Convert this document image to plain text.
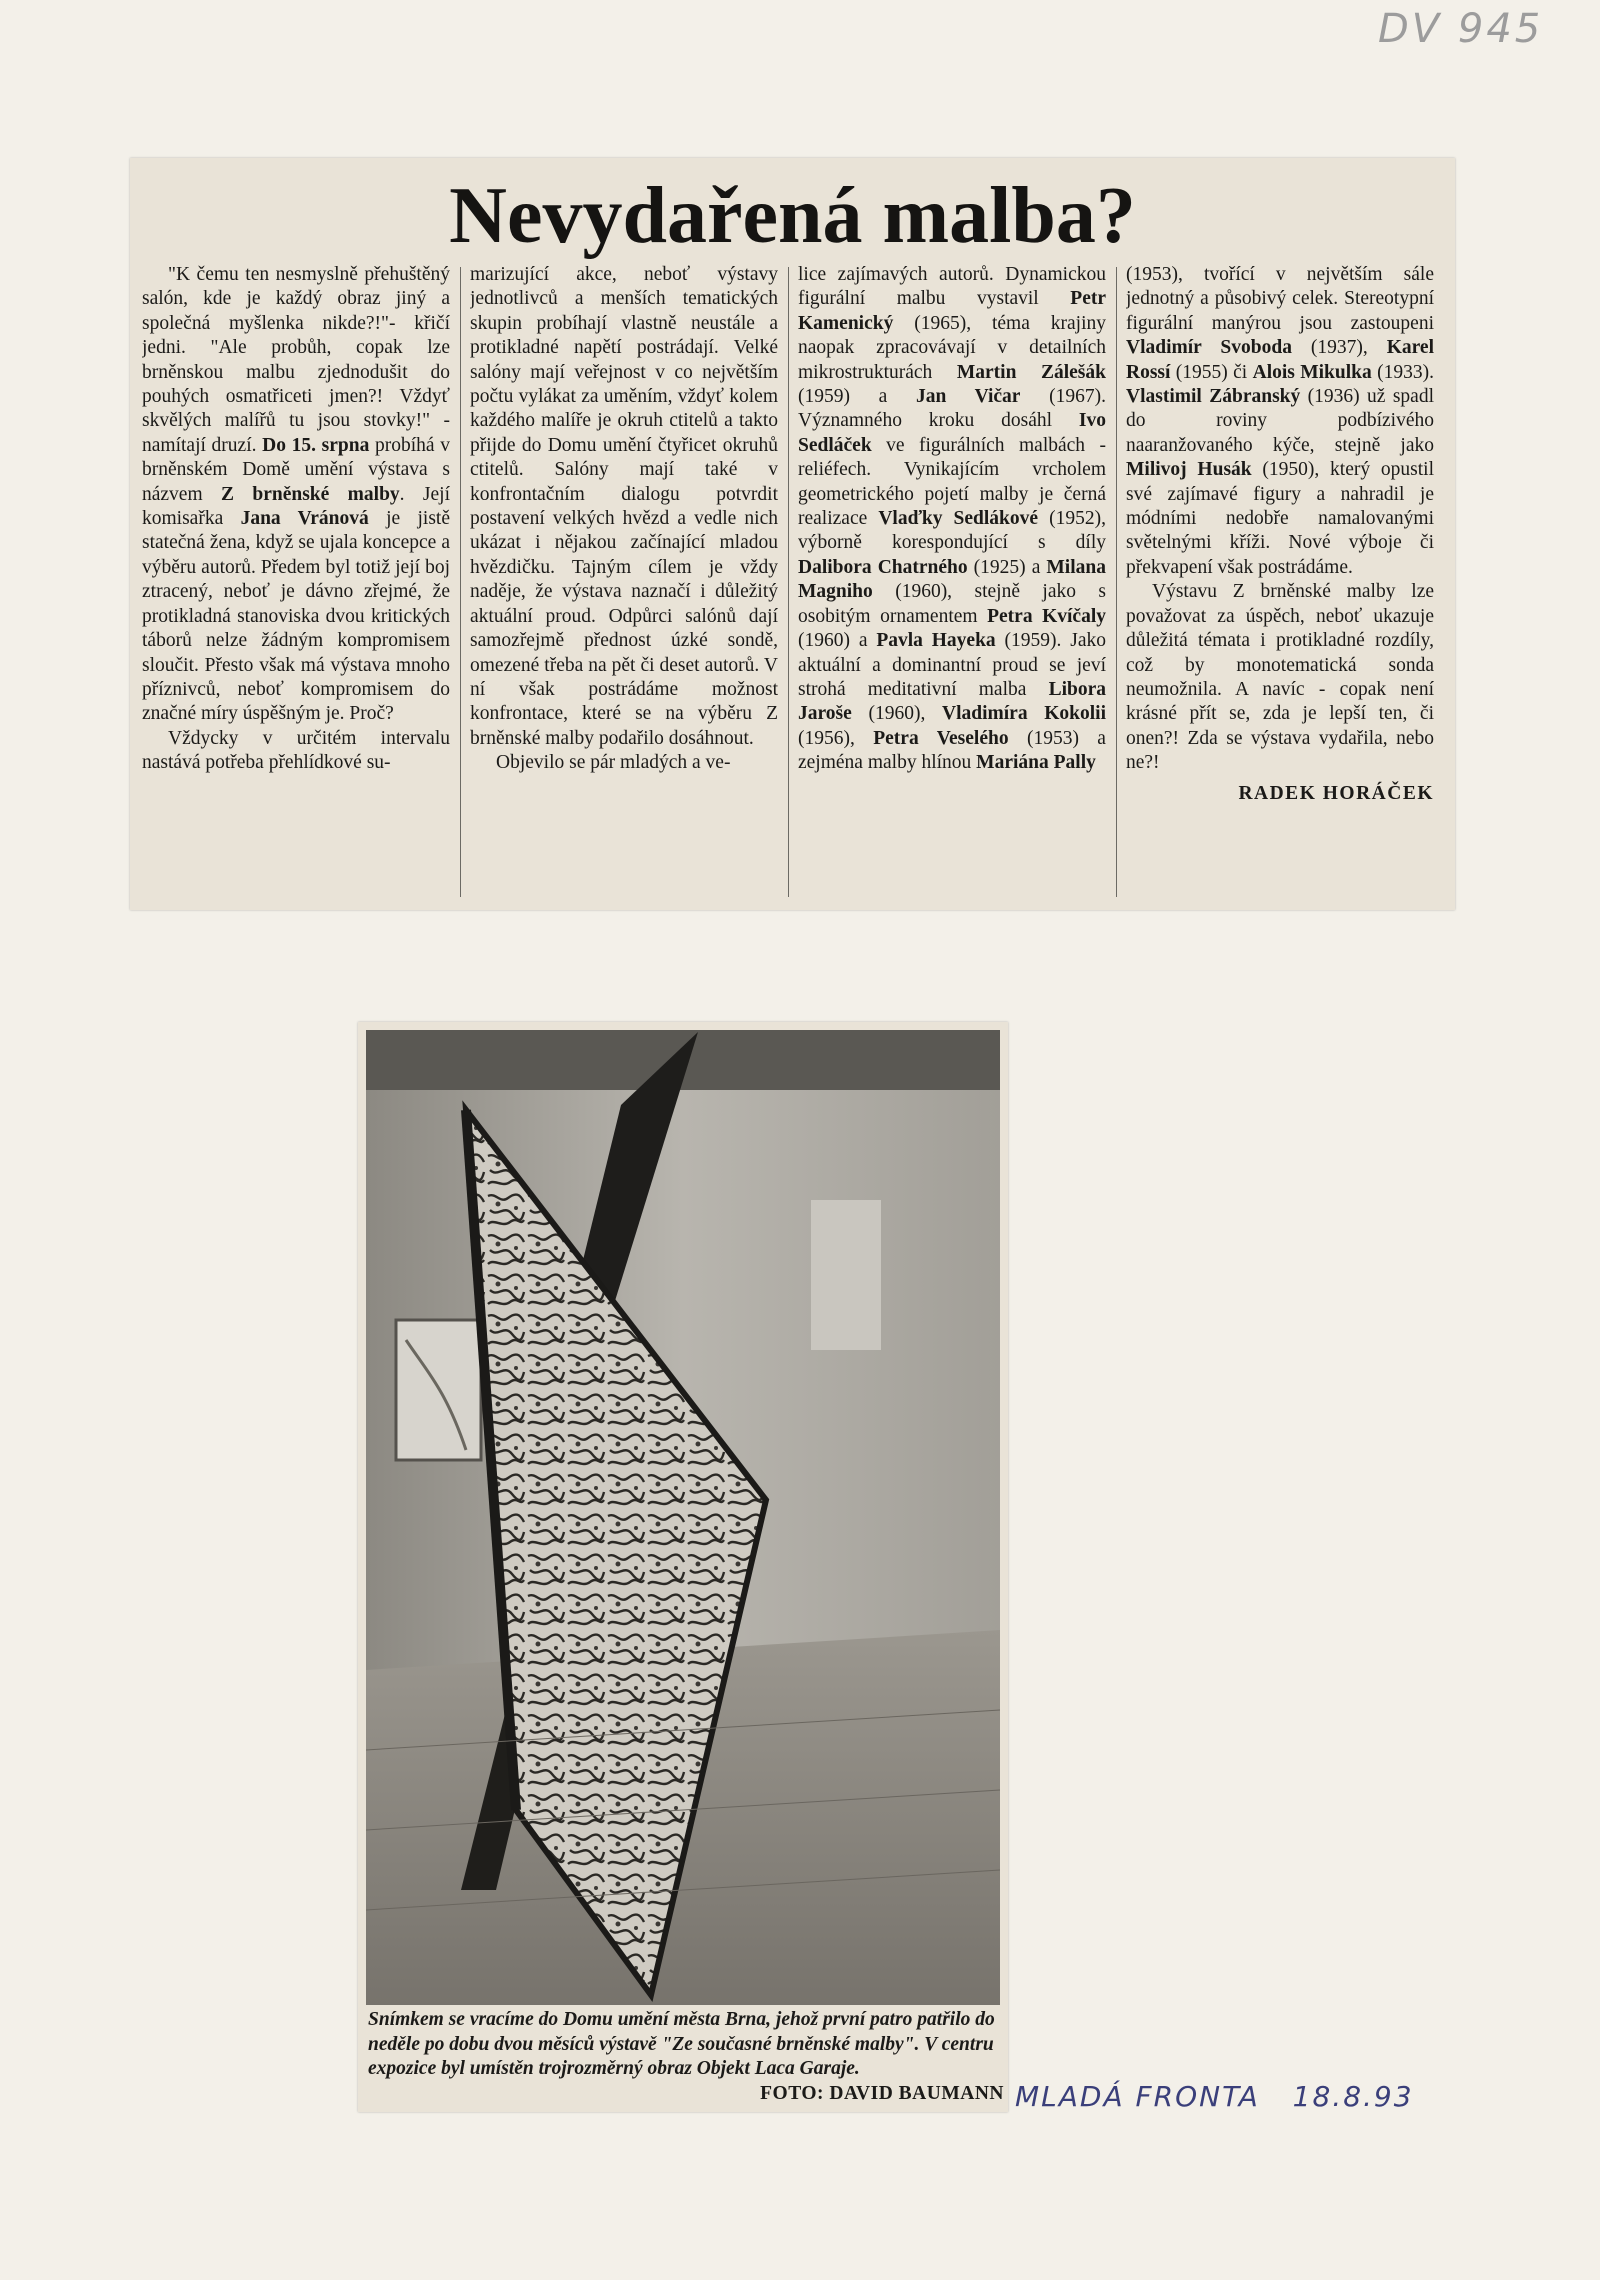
DV 945
Nevydařená malba?

"K čemu ten nesmyslně přehuštěný salón, kde je každý obraz jiný a společná myšlenka nikde?!"- křičí jedni. "Ale probůh, copak lze brněnskou malbu zjednodušit do pouhých osmatřiceti jmen?! Vždyť skvělých malířů tu jsou stovky!" - namítají druzí. Do 15. srpna probíhá v brněnském Domě umění výstava s názvem Z brněnské malby. Její komisařka Jana Vránová je jistě statečná žena, když se ujala koncepce a výběru autorů. Předem byl totiž její boj ztracený, neboť je dávno zřejmé, že protikladná stanoviska dvou kritických táborů nelze žádným kompromisem sloučit. Přesto však má výstava mnoho příznivců, neboť kompromisem do značné míry úspěšným je. Proč?

Vždycky v určitém intervalu nastává potřeba přehlídkové su-

marizující akce, neboť výstavy jednotlivců a menších tematických skupin probíhají vlastně neustále a protikladné napětí postrádají. Velké salóny mají veřejnost v co největším počtu vylákat za uměním, vždyť kolem každého malíře je okruh ctitelů a takto přijde do Domu umění čtyřicet okruhů ctitelů. Salóny mají také v konfrontačním dialogu potvrdit postavení velkých hvězd a vedle nich ukázat i nějakou začínající mladou hvězdičku. Tajným cílem je vždy naděje, že výstava naznačí i důležitý aktuální proud. Odpůrci salónů dají samozřejmě přednost úzké sondě, omezené třeba na pět či deset autorů. V ní však postrádáme možnost konfrontace, které se na výběru Z brněnské malby podařilo dosáhnout.

Objevilo se pár mladých a ve-

lice zajímavých autorů. Dynamickou figurální malbu vystavil Petr Kamenický (1965), téma krajiny naopak zpracovávají v detailních mikrostrukturách Martin Zálešák (1959) a Jan Vičar (1967). Významného kroku dosáhl Ivo Sedláček ve figurálních malbách - reliéfech. Vynikajícím vrcholem geometrického pojetí malby je černá realizace Vlaďky Sedlákové (1952), výborně korespondující s díly Dalibora Chatrného (1925) a Milana Magniho (1960), stejně jako s osobitým ornamentem Petra Kvíčaly (1960) a Pavla Hayeka (1959). Jako aktuální a dominantní proud se jeví strohá meditativní malba Libora Jaroše (1960), Vladimíra Kokolii (1956), Petra Veselého (1953) a zejména malby hlínou Mariána Pally

(1953), tvořící v největším sále jednotný a působivý celek. Stereotypní figurální manýrou jsou zastoupeni Vladimír Svoboda (1937), Karel Rossí (1955) či Alois Mikulka (1933). Vlastimil Zábranský (1936) už spadl do roviny podbízivého naaranžovaného kýče, stejně jako Milivoj Husák (1950), který opustil své zajímavé figury a nahradil je módními nedobře namalovanými světelnými kříži. Nové výboje či překvapení však postrádáme.

Výstavu Z brněnské malby lze považovat za úspěch, neboť ukazuje důležitá témata i protikladné rozdíly, což by monotematická sonda neumožnila. A navíc - copak není krásné přít se, zda je lepší ten, či onen?! Zda se výstava vydařila, nebo ne?!

RADEK HORÁČEK
Snímkem se vracíme do Domu umění města Brna, jehož první patro patřilo do neděle po dobu dvou měsíců výstavě "Ze současné brněnské malby". V centru expozice byl umístěn trojrozměrný obraz Objekt Laca Garaje.
FOTO: DAVID BAUMANN MLADÁ FRONTA 18.8.93
